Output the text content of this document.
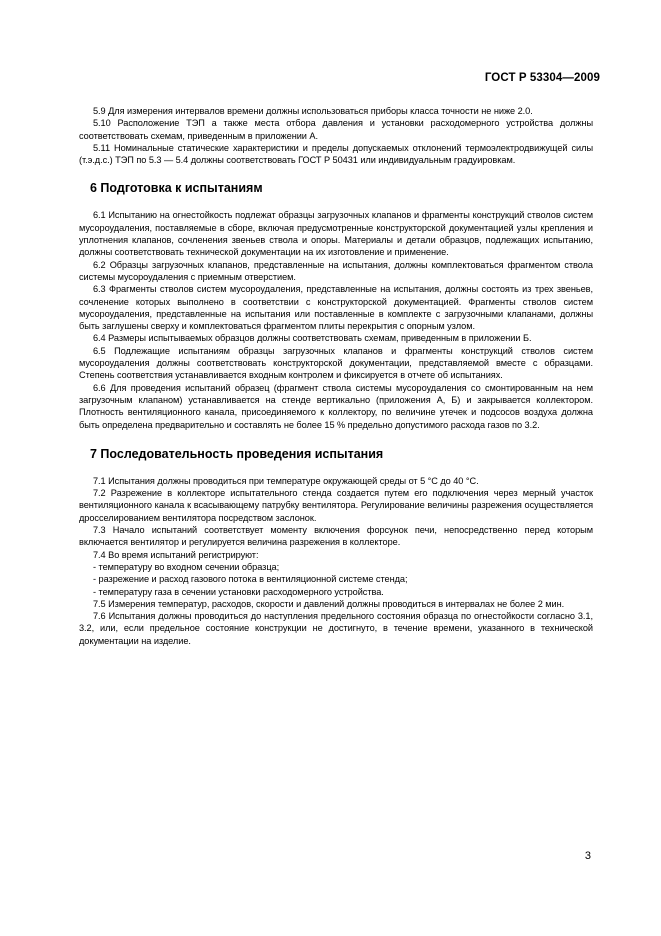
ГОСТ Р 53304—2009

5.9 Для измерения интервалов времени должны использоваться приборы класса точности не ниже 2.0.

5.10 Расположение ТЭП а также места отбора давления и установки расходомерного устройства должны соответствовать схемам, приведенным в приложении А.

5.11 Номинальные статические характеристики и пределы допускаемых отклонений термоэлектродвижущей силы (т.э.д.с.) ТЭП по 5.3 — 5.4 должны соответствовать ГОСТ Р 50431 или индивидуальным градуировкам.

6 Подготовка к испытаниям

6.1 Испытанию на огнестойкость подлежат образцы загрузочных клапанов и фрагменты конструкций стволов систем мусороудаления, поставляемые в сборе, включая предусмотренные конструкторской документацией узлы крепления и уплотнения клапанов, сочленения звеньев ствола и опоры. Материалы и детали образцов, подлежащих испытанию, должны соответствовать технической документации на их изготовление и применение.

6.2 Образцы загрузочных клапанов, представленные на испытания, должны комплектоваться фрагментом ствола системы мусороудаления с приемным отверстием.

6.3 Фрагменты стволов систем мусороудаления, представленные на испытания, должны состоять из трех звеньев, сочленение которых выполнено в соответствии с конструкторской документацией. Фрагменты стволов систем мусороудаления, представленные на испытания или поставленные в комплекте с загрузочными клапанами, должны быть заглушены сверху и комплектоваться фрагментом плиты перекрытия с опорным узлом.

6.4 Размеры испытываемых образцов должны соответствовать схемам, приведенным в приложении Б.

6.5 Подлежащие испытаниям образцы загрузочных клапанов и фрагменты конструкций стволов систем мусороудаления должны соответствовать конструкторской документации, представляемой вместе с образцами. Степень соответствия устанавливается входным контролем и фиксируется в отчете об испытаниях.

6.6 Для проведения испытаний образец (фрагмент ствола системы мусороудаления со смонтированным на нем загрузочным клапаном) устанавливается на стенде вертикально (приложения А, Б) и закрывается коллектором. Плотность вентиляционного канала, присоединяемого к коллектору, по величине утечек и подсосов воздуха должна быть определена предварительно и составлять не более 15 % предельно допустимого расхода газов по 3.2.

7 Последовательность проведения испытания

7.1 Испытания должны проводиться при температуре окружающей среды от 5 °С до 40 °С.

7.2 Разрежение в коллекторе испытательного стенда создается путем его подключения через мерный участок вентиляционного канала к всасывающему патрубку вентилятора. Регулирование величины разрежения осуществляется дросселированием вентилятора посредством заслонок.

7.3 Начало испытаний соответствует моменту включения форсунок печи, непосредственно перед которым включается вентилятор и регулируется величина разрежения в коллекторе.

7.4 Во время испытаний регистрируют:

- температуру во входном сечении образца;

- разрежение и расход газового потока в вентиляционной системе стенда;

- температуру газа в сечении установки расходомерного устройства.

7.5 Измерения температур, расходов, скорости и давлений должны проводиться в интервалах не более 2 мин.

7.6 Испытания должны проводиться до наступления предельного состояния образца по огнестойкости согласно 3.1, 3.2, или, если предельное состояние конструкции не достигнуто, в течение времени, указанного в технической документации на изделие.

3
